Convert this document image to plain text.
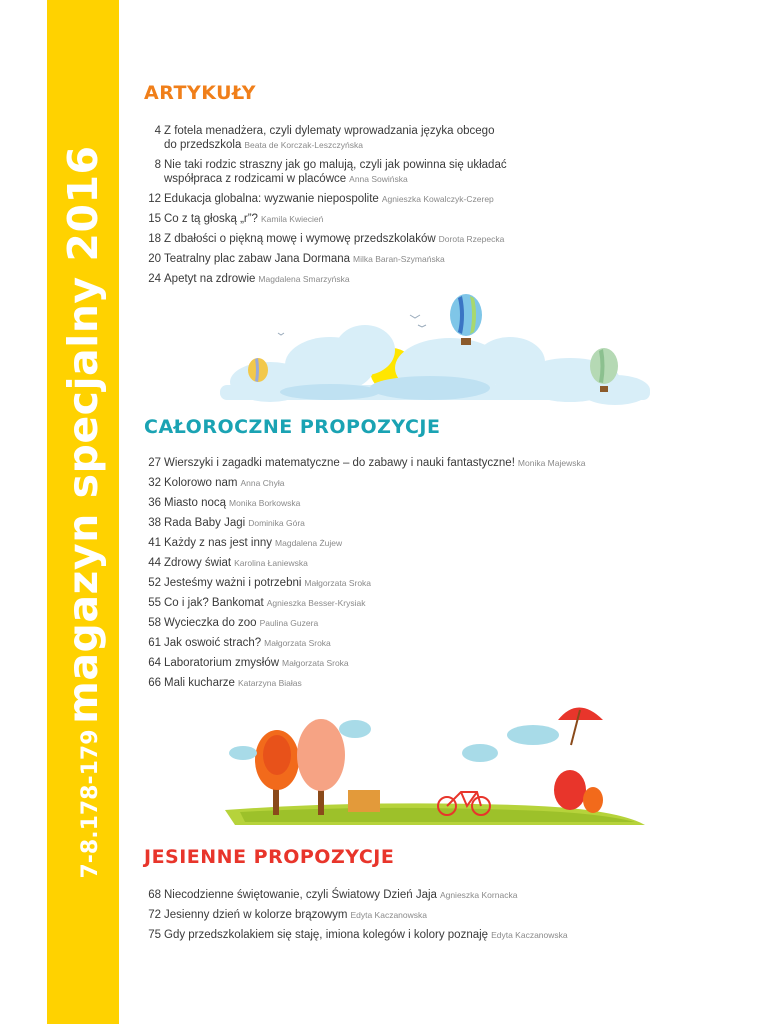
7-8.178-179 magazyn specjalny 2016
ARTYKUŁY
4 Z fotela menadżera, czyli dylematy wprowadzania języka obcego
do przedszkola Beata de Korczak-Leszczyńska
8 Nie taki rodzic straszny jak go malują, czyli jak powinna się układać
współpraca z rodzicami w placówce Anna Sowińska
12 Edukacja globalna: wyzwanie niepospolite Agnieszka Kowalczyk-Czerep
15 Co z tą głoską „r”? Kamila Kwiecień
18 Z dbałości o piękną mowę i wymowę przedszkolaków Dorota Rzepecka
20 Teatralny plac zabaw Jana Dormana Milka Baran-Szymańska
24 Apetyt na zdrowie Magdalena Smarzyńska
CAŁOROCZNE PROPOZYCJE
27 Wierszyki i zagadki matematyczne – do zabawy i nauki fantastyczne! Monika Majewska
32 Kolorowo nam Anna Chyła
36 Miasto nocą Monika Borkowska
38 Rada Baby Jagi Dominika Góra
41 Każdy z nas jest inny Magdalena Żujew
44 Zdrowy świat Karolina Łaniewska
52 Jesteśmy ważni i potrzebni Małgorzata Sroka
55 Co i jak? Bankomat Agnieszka Besser-Krysiak
58 Wycieczka do zoo Paulina Guzera
61 Jak oswoić strach? Małgorzata Sroka
64 Laboratorium zmysłów Małgorzata Sroka
66 Mali kucharze Katarzyna Białas
JESIENNE PROPOZYCJE
68 Niecodzienne świętowanie, czyli Światowy Dzień Jaja Agnieszka Kornacka
72 Jesienny dzień w kolorze brązowym Edyta Kaczanowska
75 Gdy przedszkolakiem się staję, imiona kolegów i kolory poznaję Edyta Kaczanowska
